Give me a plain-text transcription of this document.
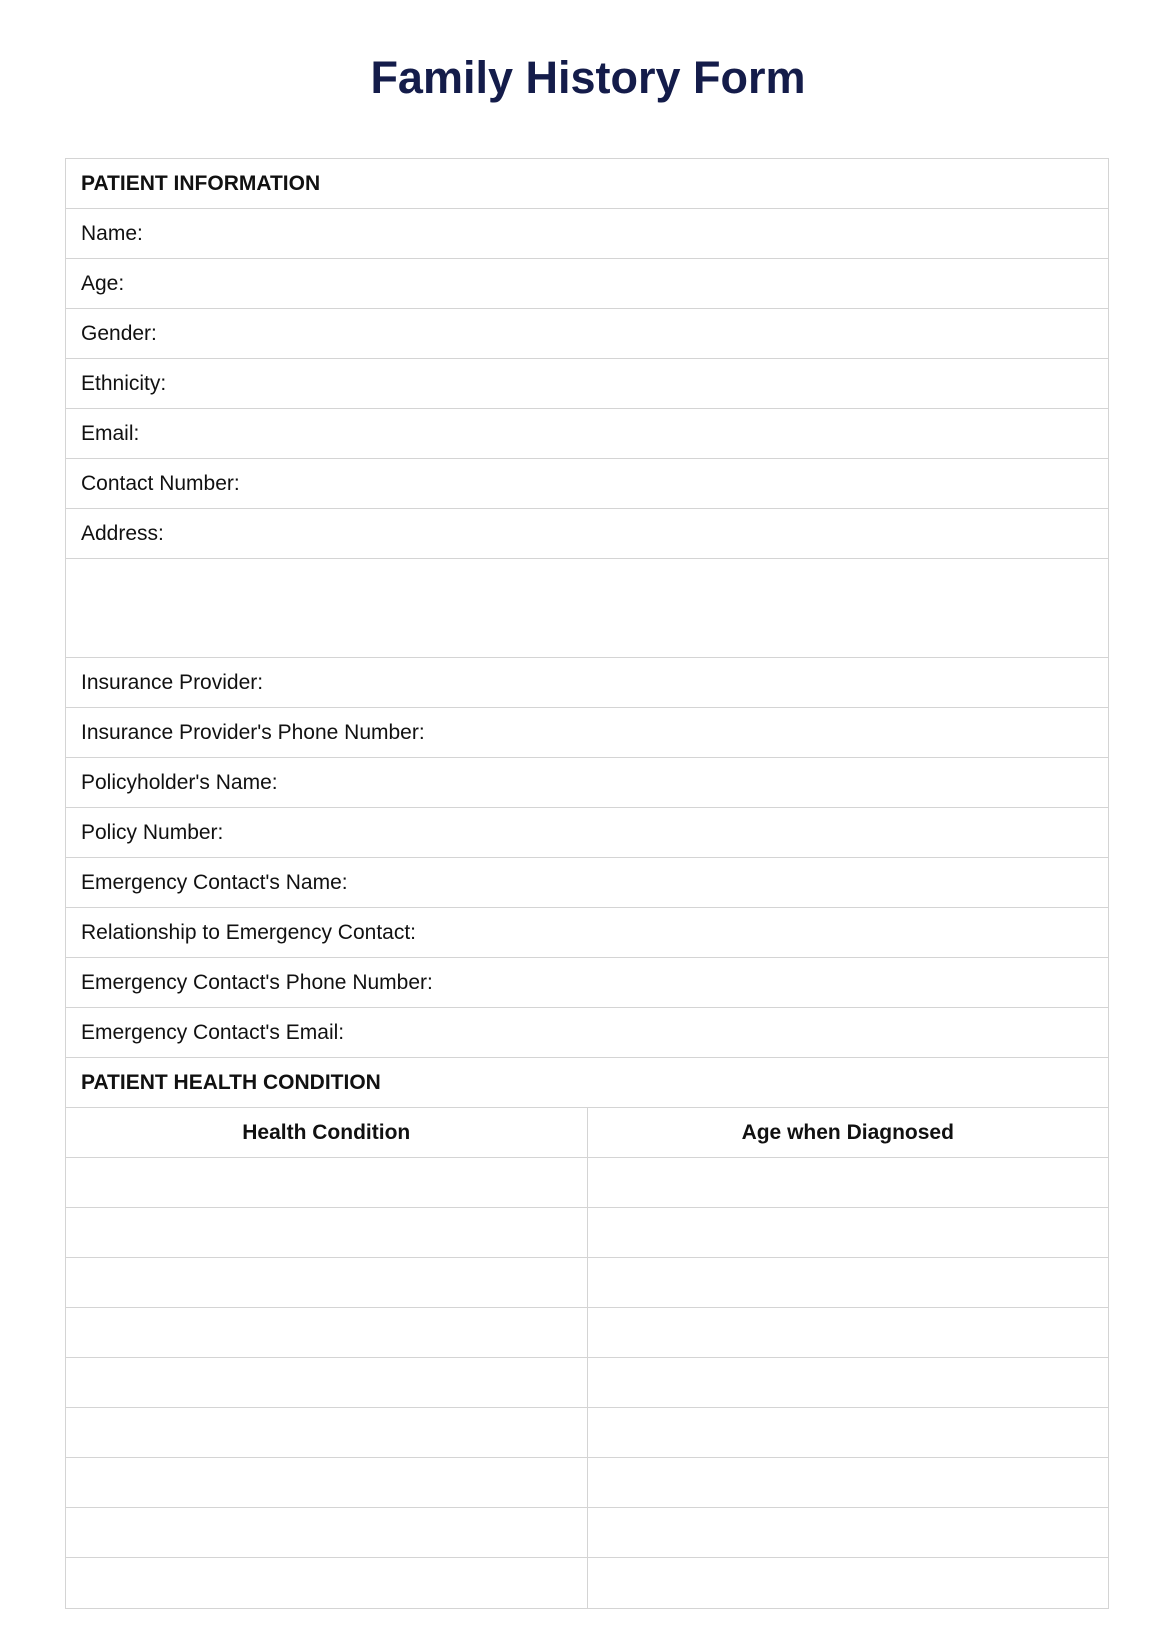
Family History Form
PATIENT INFORMATION
Name:
Age:
Gender:
Ethnicity:
Email:
Contact Number:
Address:
Insurance Provider:
Insurance Provider's Phone Number:
Policyholder's Name:
Policy Number:
Emergency Contact's Name:
Relationship to Emergency Contact:
Emergency Contact's Phone Number:
Emergency Contact's Email:
PATIENT HEALTH CONDITION
Health Condition	Age when Diagnosed
